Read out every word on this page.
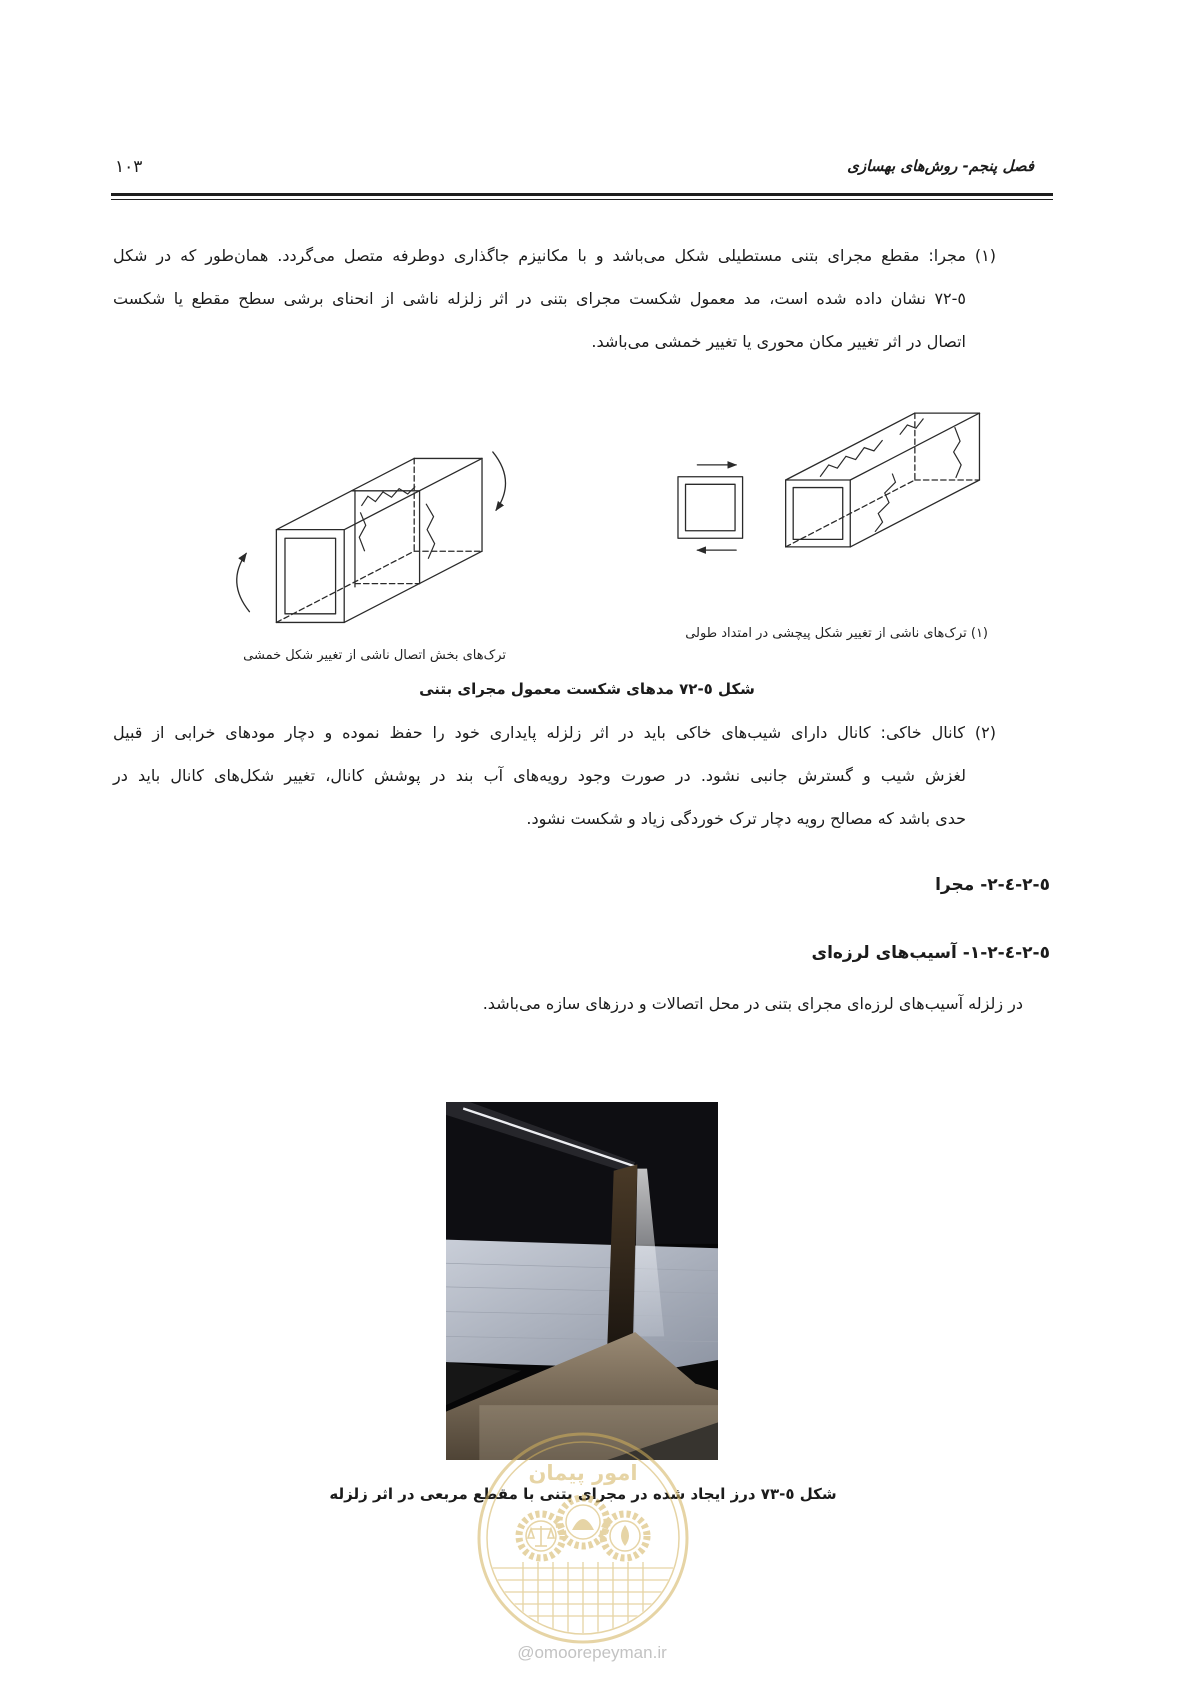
١٠٣	فصل پنجم- روش‌های بهسازی
(١) مجرا: مقطع مجرای بتنی مستطیلی شکل می‌باشد و با مکانیزم جاگذاری دوطرفه متصل می‌گردد. همان‌طور که در شکل
٥-٧٢ نشان داده شده است، مد معمول شکست مجرای بتنی در اثر زلزله ناشی از انحنای برشی سطح مقطع یا شکست
اتصال در اثر تغییر مکان محوری یا تغییر خمشی می‌باشد.
(١) ترک‌های ناشی از تغییر شکل پیچشی در امتداد طولی
ترک‌های بخش اتصال ناشی از تغییر شکل خمشی
شکل ٥-٧٢ مدهای شکست معمول مجرای بتنی
(٢) کانال خاکی: کانال دارای شیب‌های خاکی باید در اثر زلزله پایداری خود را حفظ نموده و دچار مودهای خرابی از قبیل
لغزش شیب و گسترش جانبی نشود. در صورت وجود رویه‌های آب بند در پوشش کانال، تغییر شکل‌های کانال باید در
حدی باشد که مصالح رویه دچار ترک خوردگی زیاد و شکست نشود.
٥-٢-٤-٢- مجرا
٥-٢-٤-٢-١- آسیب‌های لرزه‌ای
در زلزله آسیب‌های لرزه‌ای مجرای بتنی در محل اتصالات و درزهای سازه می‌باشد.
شکل ٥-٧٣ درز ایجاد شده در مجرای بتنی با مقطع مربعی در اثر زلزله
امور پیمان
@omoorepeyman.ir
